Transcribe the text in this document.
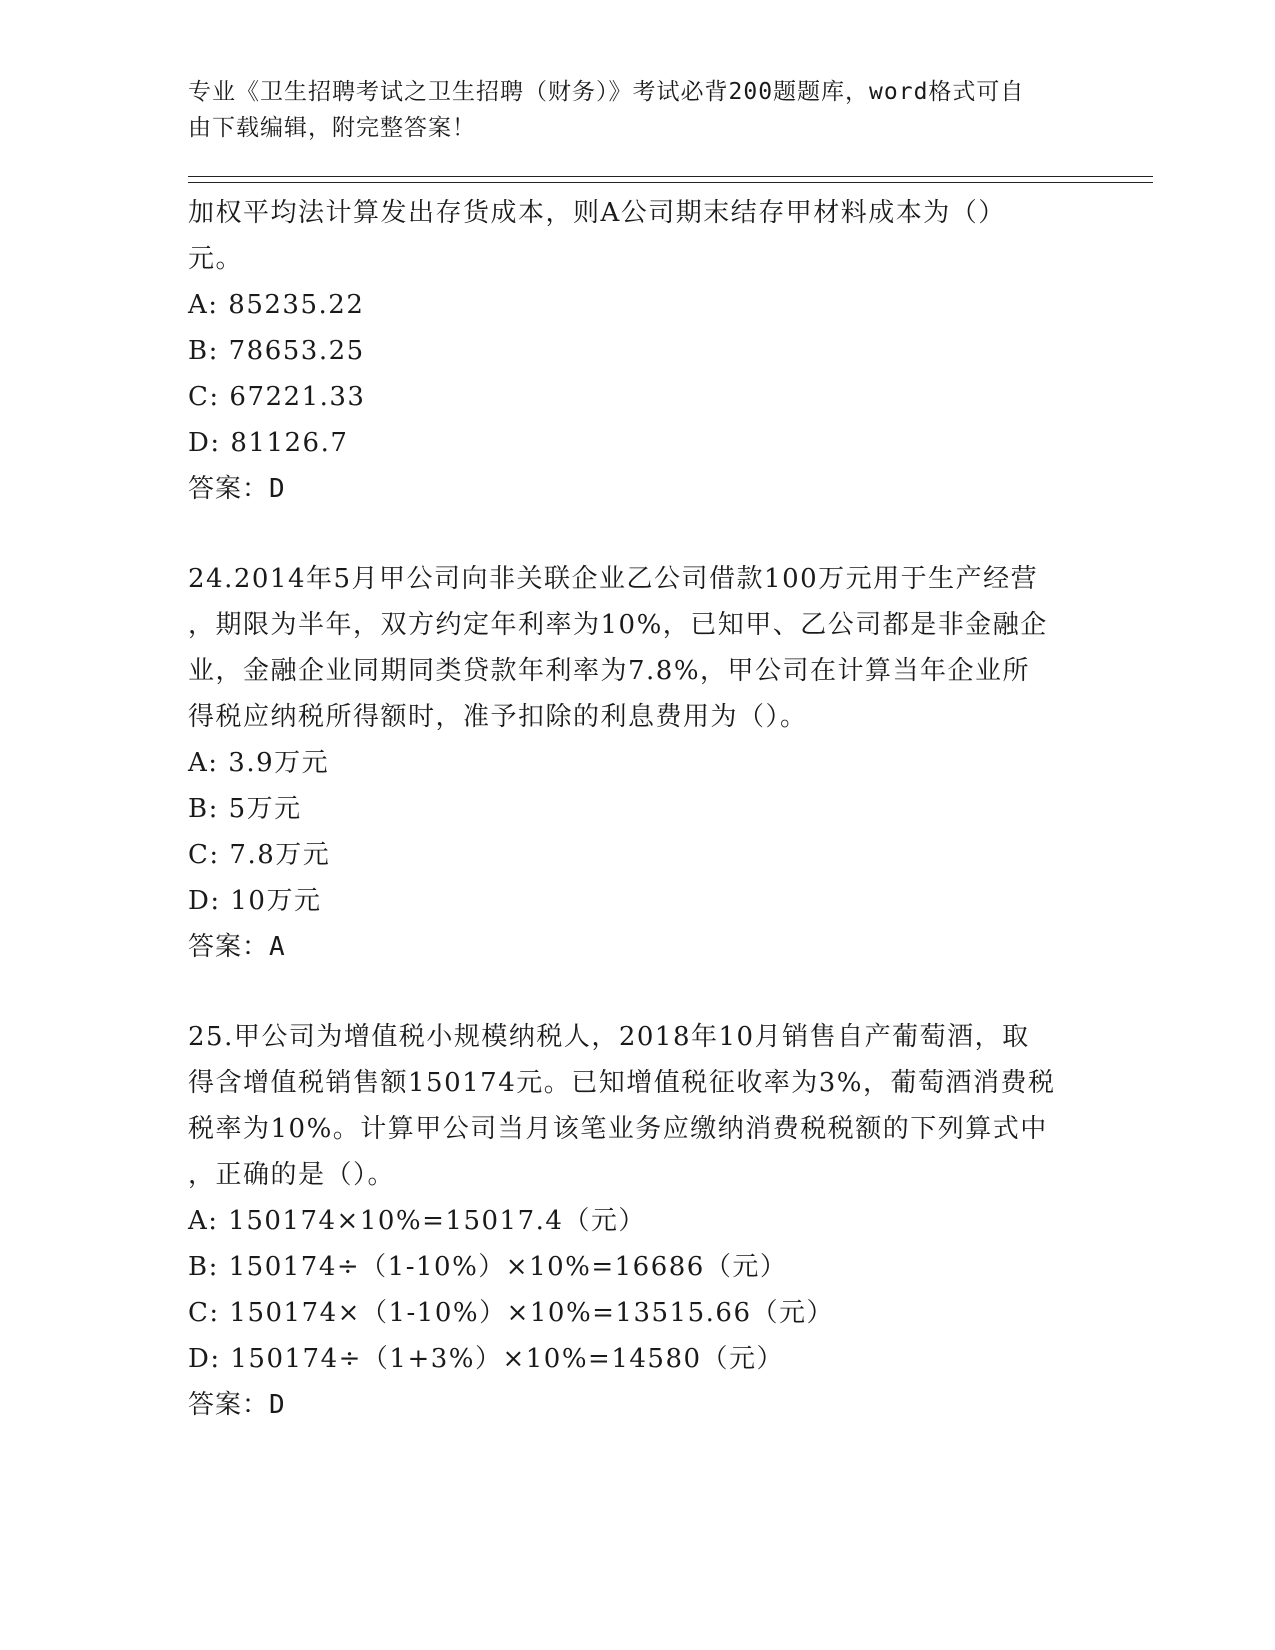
专业《卫生招聘考试之卫生招聘（财务）》考试必背200题题库，word格式可自
由下载编辑，附完整答案！
加权平均法计算发出存货成本，则A公司期末结存甲材料成本为（）
元。
A: 85235.22
B: 78653.25
C: 67221.33
D: 81126.7
答案：D
24.2014年5月甲公司向非关联企业乙公司借款100万元用于生产经营
，期限为半年，双方约定年利率为10%，已知甲、乙公司都是非金融企
业，金融企业同期同类贷款年利率为7.8%，甲公司在计算当年企业所
得税应纳税所得额时，准予扣除的利息费用为（）。
A: 3.9万元
B: 5万元
C: 7.8万元
D: 10万元
答案：A
25.甲公司为增值税小规模纳税人，2018年10月销售自产葡萄酒，取
得含增值税销售额150174元。已知增值税征收率为3%，葡萄酒消费税
税率为10%。计算甲公司当月该笔业务应缴纳消费税税额的下列算式中
，正确的是（）。
A: 150174×10%=15017.4（元）
B: 150174÷（1-10%）×10%=16686（元）
C: 150174×（1-10%）×10%=13515.66（元）
D: 150174÷（1+3%）×10%=14580（元）
答案：D
